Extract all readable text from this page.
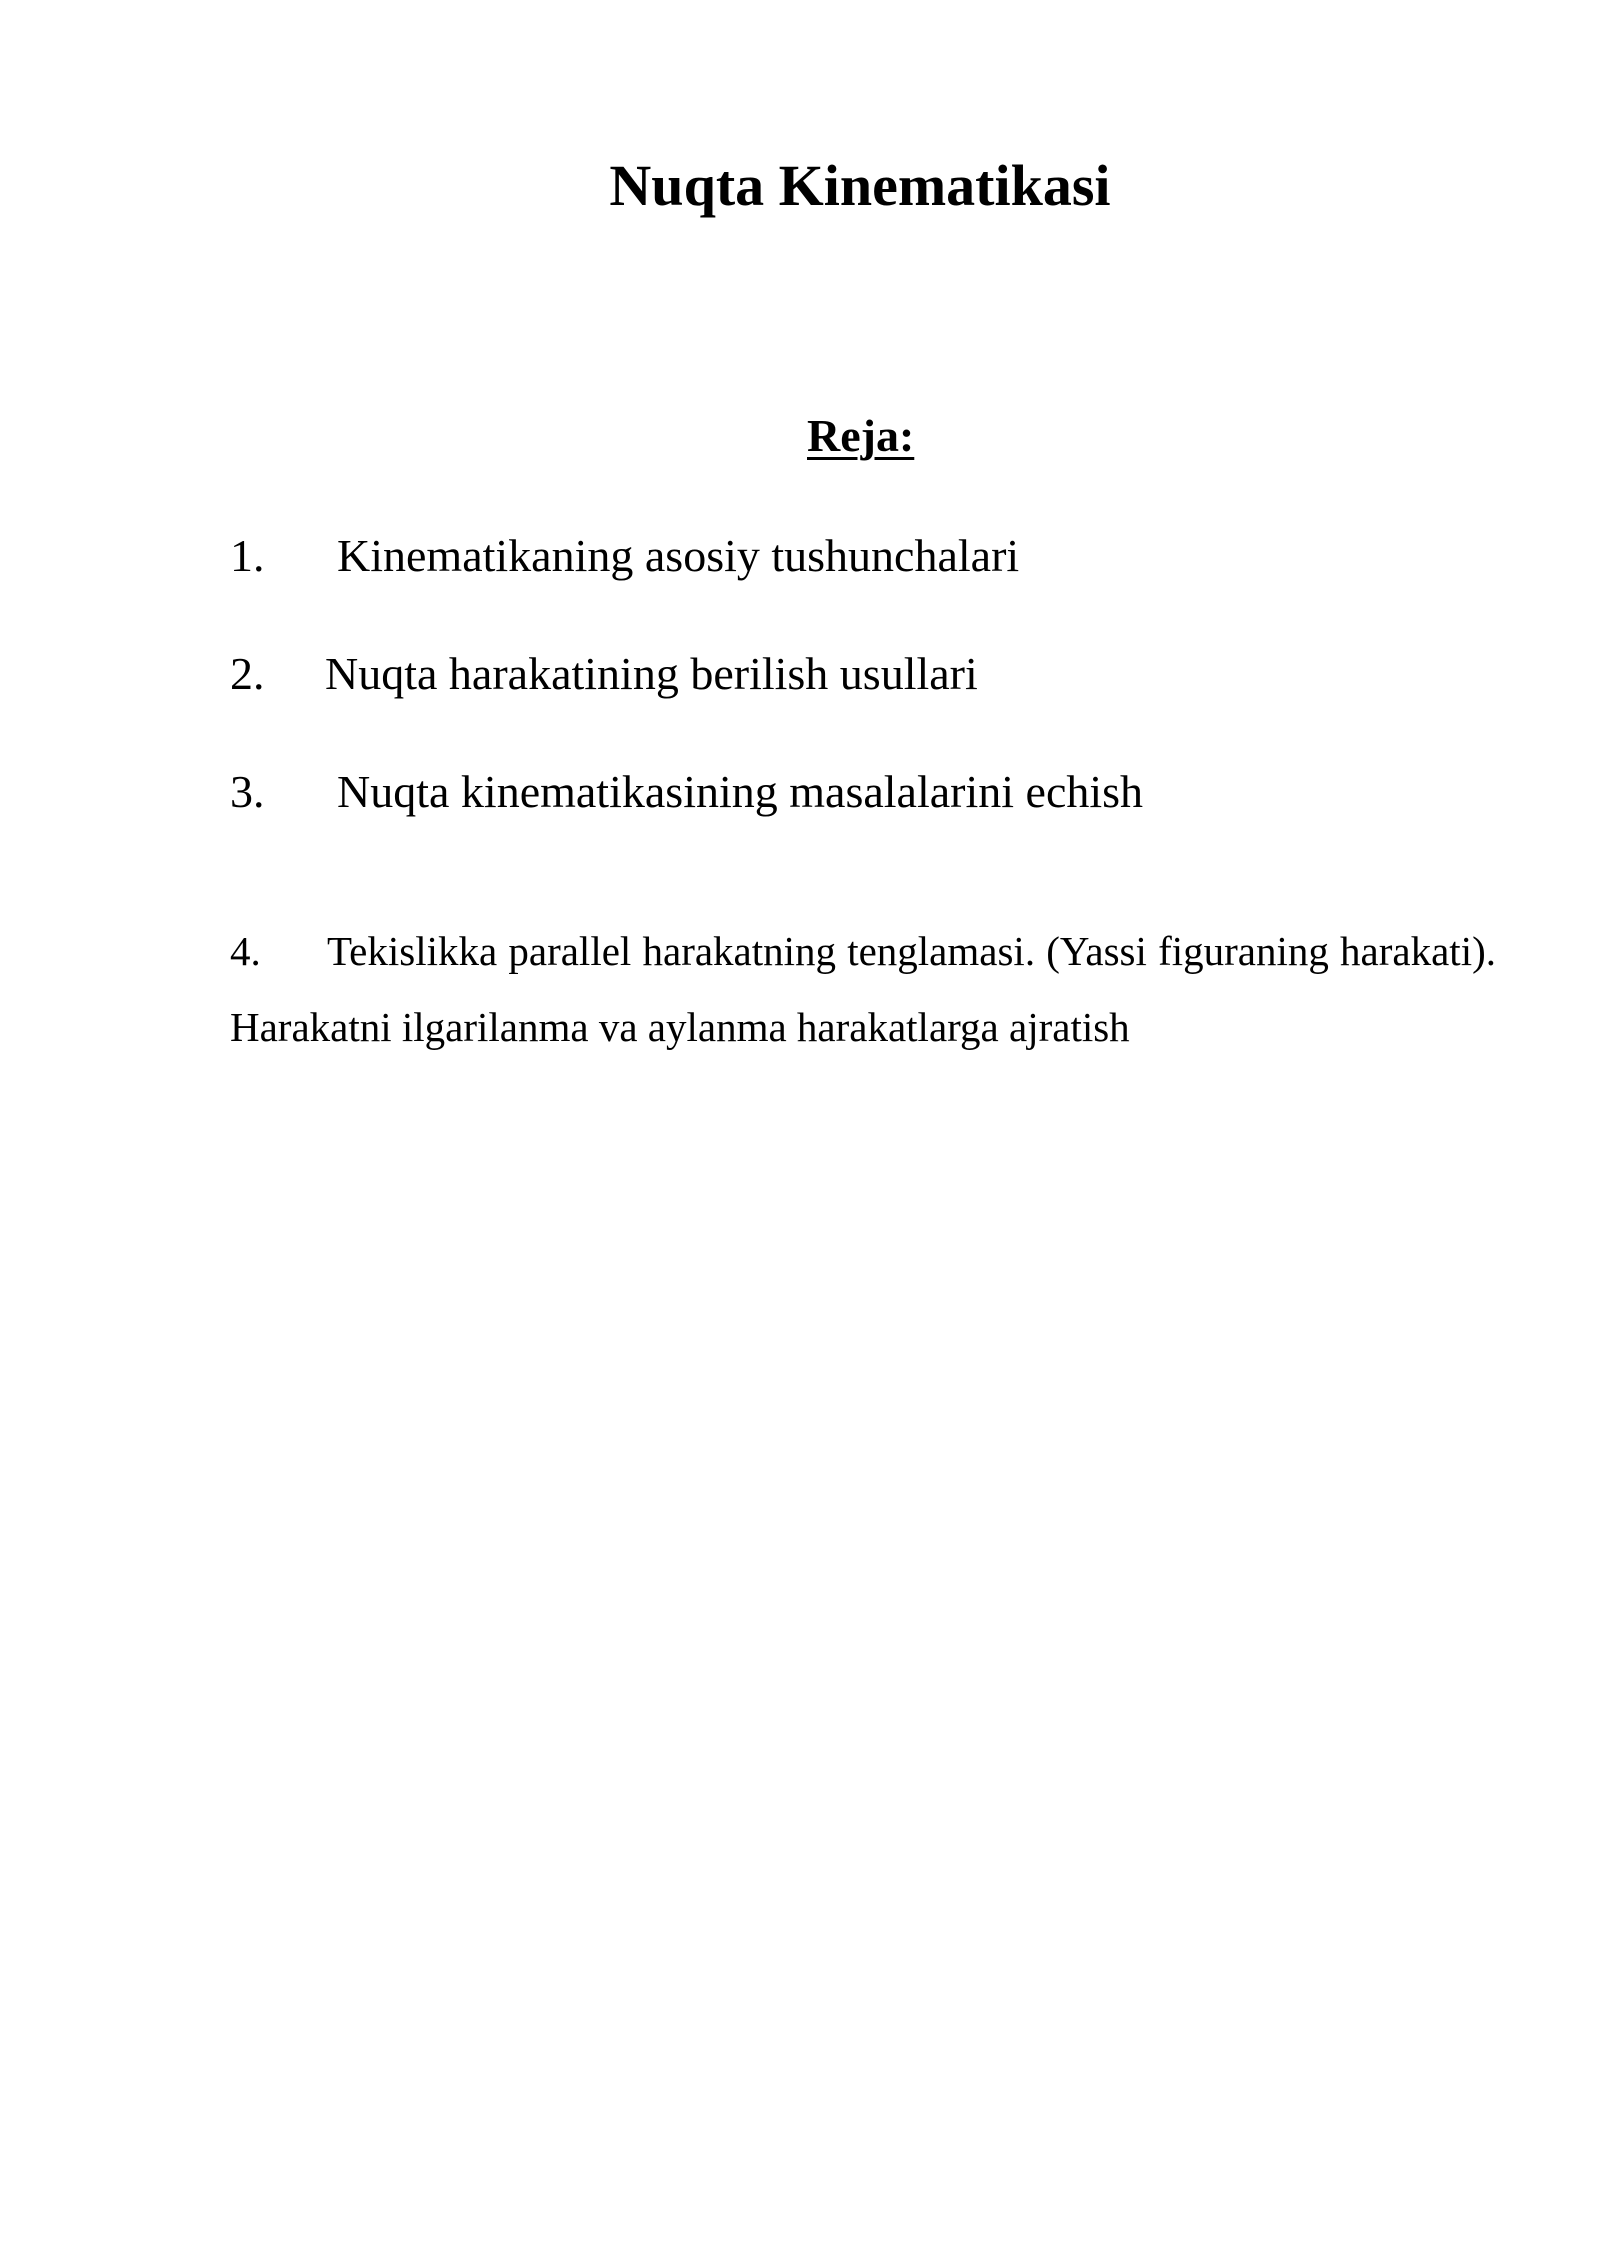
Nuqta Kinematikasi
Reja:
1. Kinematikaning asosiy tushunchalari
2. Nuqta harakatining berilish usullari
3. Nuqta kinematikasining masalalarini echish

4. Tekislikka parallel harakatning tenglamasi. (Yassi figuraning harakati). Harakatni ilgarilanma va aylanma harakatlarga ajratish
